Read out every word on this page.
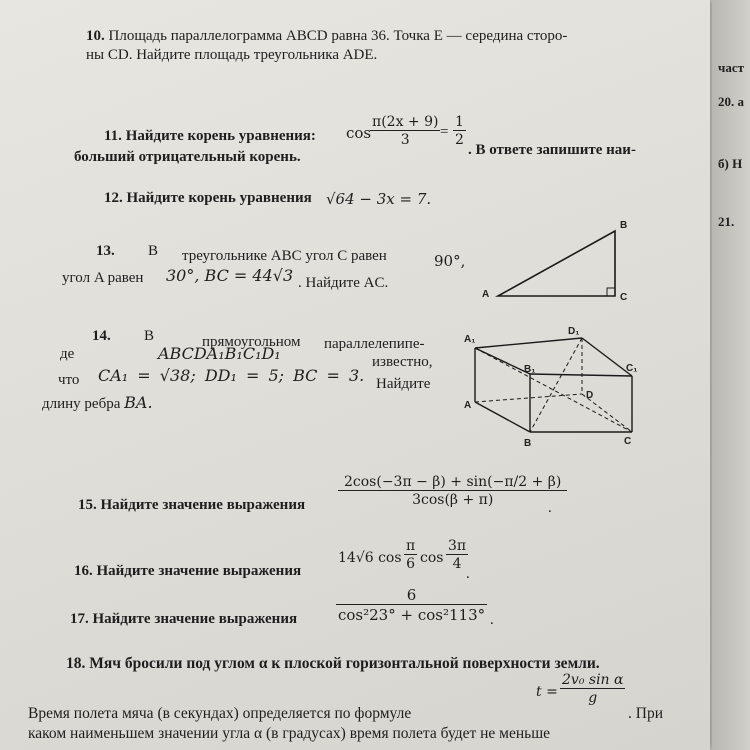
10. Площадь параллелограмма ABCD равна 36. Точка E — середина сторо-
ны CD. Найдите площадь треугольника ADE.
11. Найдите корень уравнения: cos
$\frac{\pi(2x + 9)}{3} = \frac{1}{2}$
. В ответе запишите наи-
больший отрицательный корень.
12. Найдите корень уравнения √64 − 3x = 7.
13. В треугольнике ABC угол C равен	90°,
угол A равен 30°, BC = 44√3 . Найдите AC.
A
B
C
14. В	прямоугольном параллелепипе-
де	ABCDA₁B₁C₁D₁	известно,
что CA₁ = √38; DD₁ = 5; BC = 3. Найдите
длину ребра BA.
A₁
D₁
B₁	C₁
A
D
B	C
15. Найдите значение выражения $\frac{2\cos(-3\pi - \beta) + \sin(-\pi/2 + \beta)}{3\cos(\beta + \pi)}$
.
16. Найдите значение выражения
14√6 $\cos \frac{\pi}{6}$ $\cos \frac{3\pi}{4}$
.
17. Найдите значение выражения	$\frac{6}{\text{cos²23° + cos²113°}}$ .
18. Мяч бросили под углом α к плоской горизонтальной поверхности земли.
$t = \frac{\text{2v₀ sin α}}{g}$
Время полета мяча (в секундах) определяется по формуле	. При
каком наименьшем значении угла α (в градусах) время полета будет не меньше
част
20. а
б) Н
21.
